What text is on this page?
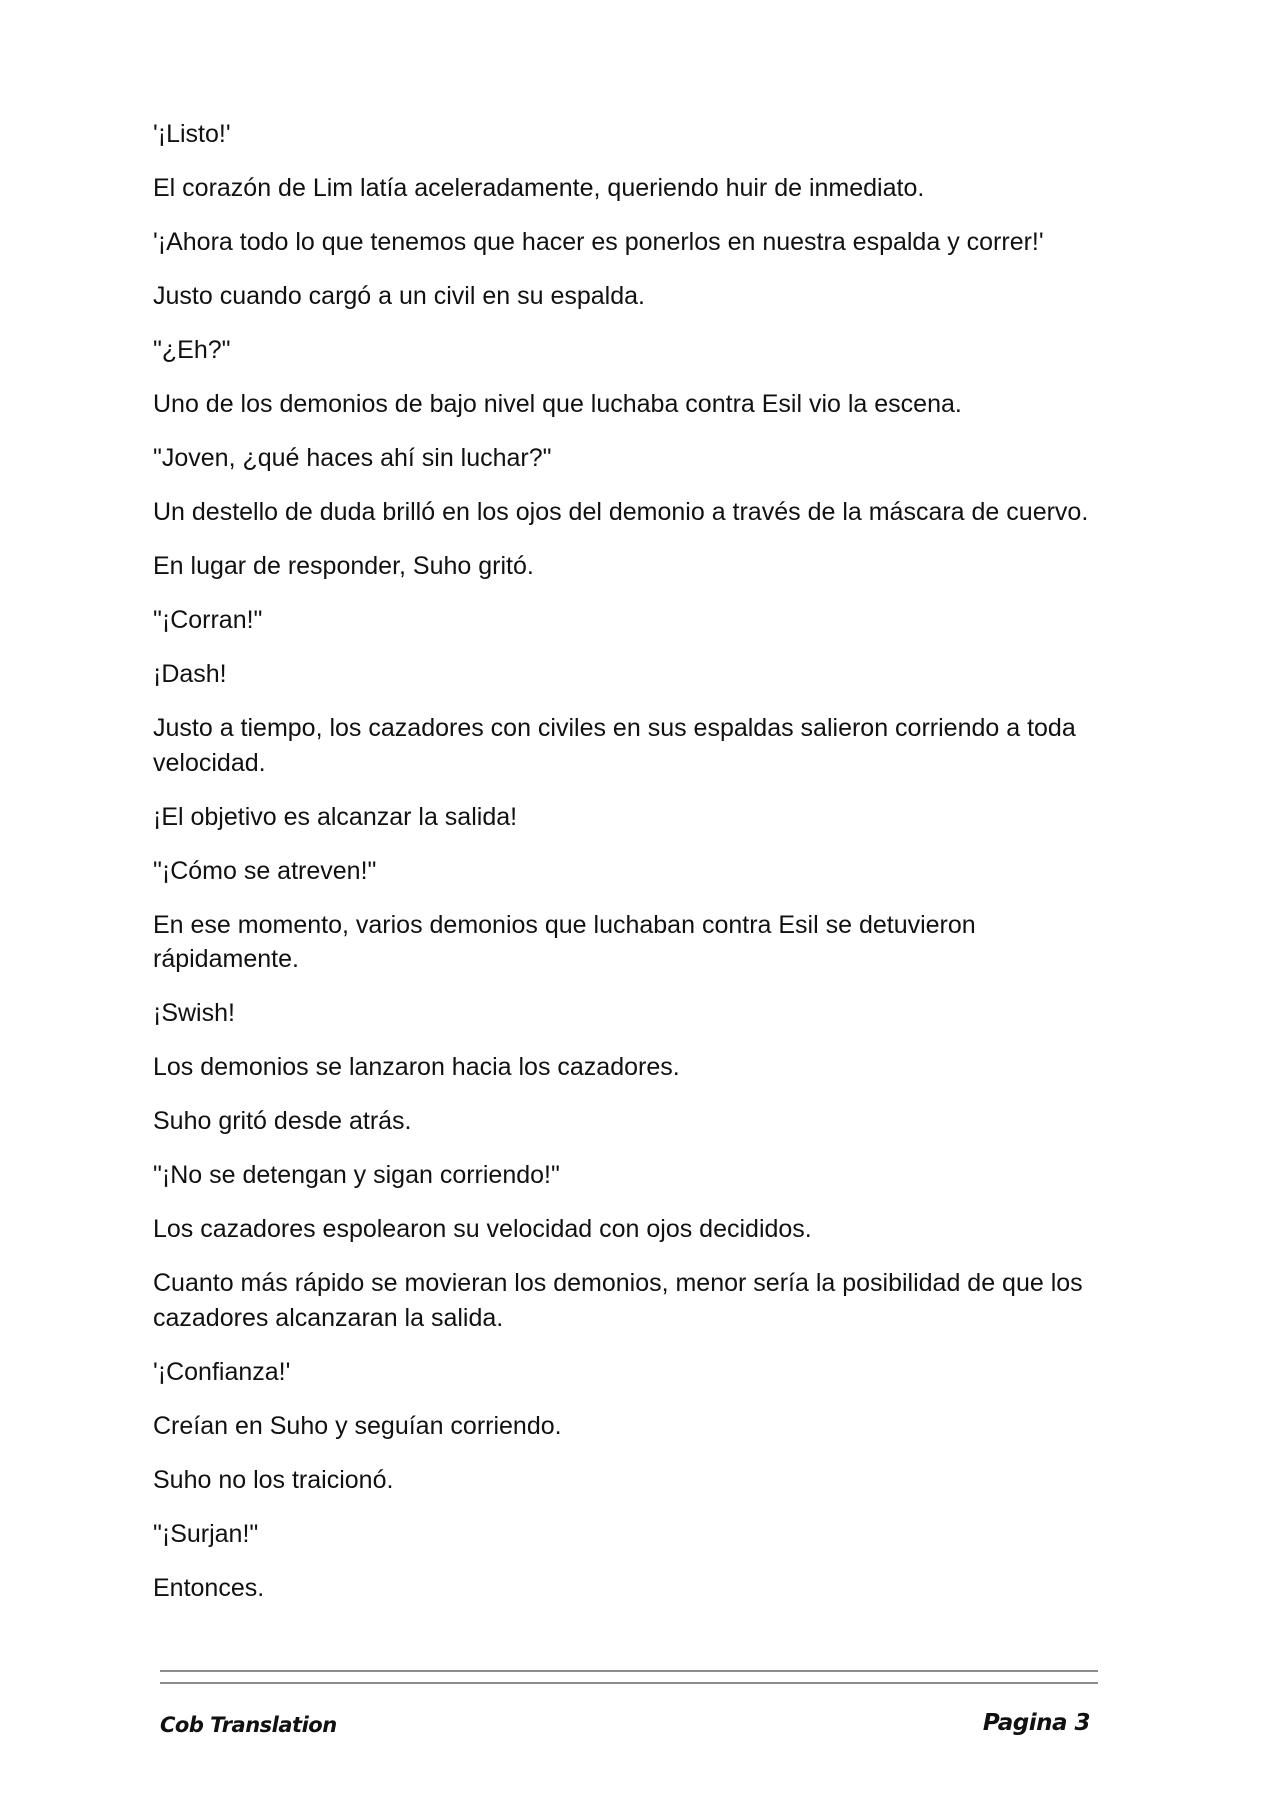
'¡Listo!'

El corazón de Lim latía aceleradamente, queriendo huir de inmediato.

'¡Ahora todo lo que tenemos que hacer es ponerlos en nuestra espalda y correr!'

Justo cuando cargó a un civil en su espalda.

"¿Eh?"

Uno de los demonios de bajo nivel que luchaba contra Esil vio la escena.

"Joven, ¿qué haces ahí sin luchar?"

Un destello de duda brilló en los ojos del demonio a través de la máscara de cuervo.

En lugar de responder, Suho gritó.

"¡Corran!"

¡Dash!

Justo a tiempo, los cazadores con civiles en sus espaldas salieron corriendo a toda velocidad.

¡El objetivo es alcanzar la salida!

"¡Cómo se atreven!"

En ese momento, varios demonios que luchaban contra Esil se detuvieron rápidamente.

¡Swish!

Los demonios se lanzaron hacia los cazadores.

Suho gritó desde atrás.

"¡No se detengan y sigan corriendo!"

Los cazadores espolearon su velocidad con ojos decididos.

Cuanto más rápido se movieran los demonios, menor sería la posibilidad de que los cazadores alcanzaran la salida.

'¡Confianza!'

Creían en Suho y seguían corriendo.

Suho no los traicionó.

"¡Surjan!"

Entonces.

Cob Translation	Pagina 3
